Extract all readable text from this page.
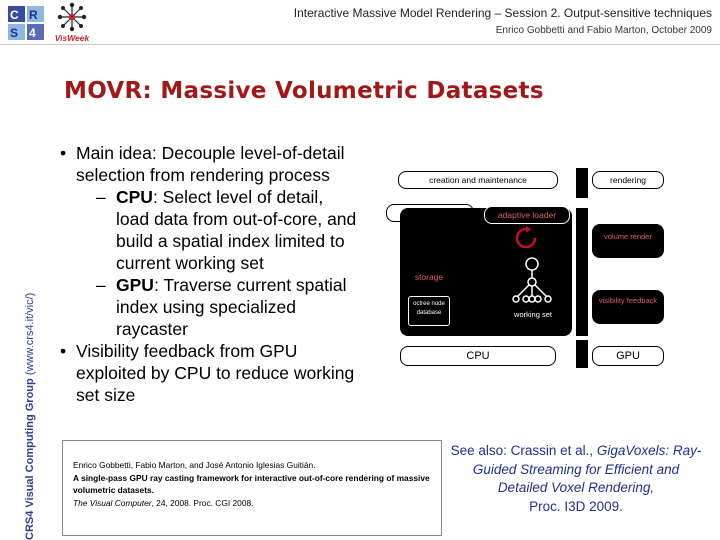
C R
S 4 VisWeek
Interactive Massive Model Rendering – Session 2. Output-sensitive techniques
Enrico Gobbetti and Fabio Marton, October 2009
CRS4 Visual Computing Group (www.crs4.it/vic/)
MOVR: Massive Volumetric Datasets
• Main idea: Decouple level-of-detail selection from rendering process
– CPU: Select level of detail, load data from out-of-core, and build a spatial index limited to current working set
– GPU: Traverse current spatial index using specialized raycaster
• Visibility feedback from GPU exploited by CPU to reduce working set size
creation and maintenance	rendering
adaptive loader
storage
octree node database	working set
volume render
visibility feedback
CPU	GPU
Enrico Gobbetti, Fabio Marton, and José Antonio Iglesias Guitián.
A single-pass GPU ray casting framework for interactive out-of-core rendering of massive volumetric datasets.
The Visual Computer, 24, 2008. Proc. CGI 2008.
See also: Crassin et al., GigaVoxels: Ray-Guided Streaming for Efficient and Detailed Voxel Rendering,
Proc. I3D 2009.
